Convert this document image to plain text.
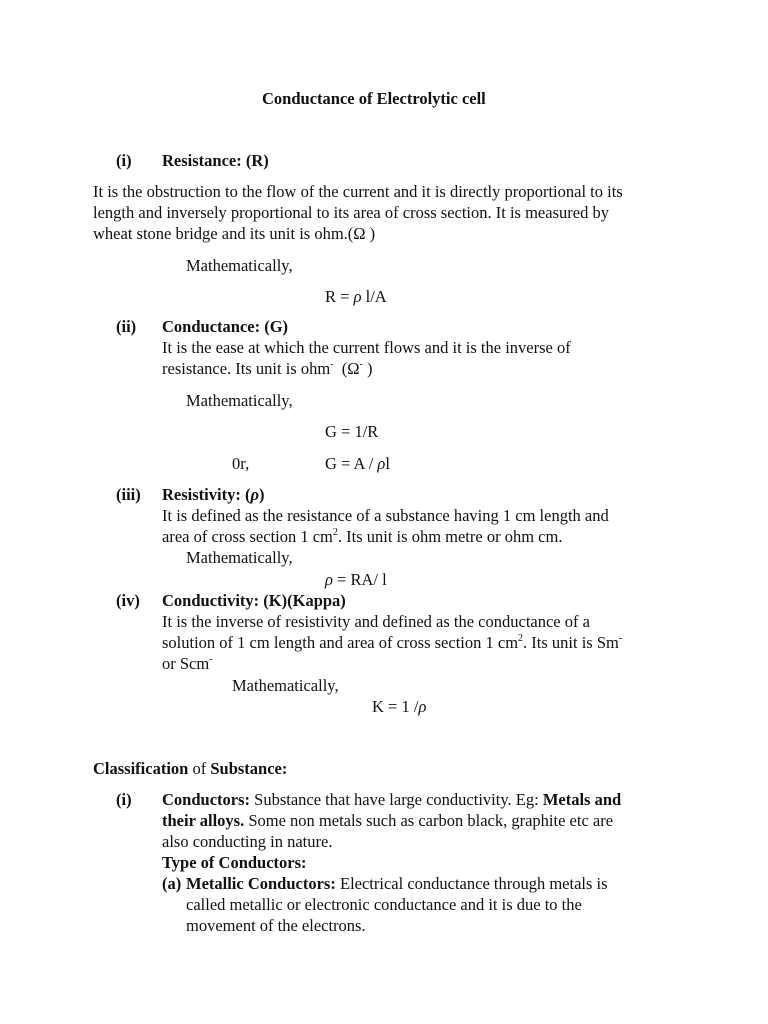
Conductance of Electrolytic cell
(i) Resistance: (R)
It is the obstruction to the flow of the current and it is directly proportional to its
length and inversely proportional to its area of cross section. It is measured by
wheat stone bridge and its unit is ohm.(Ω )
Mathematically,
R = ρ l/A
(ii) Conductance: (G)
It is the ease at which the current flows and it is the inverse of
resistance. Its unit is ohm-  (Ω- )
Mathematically,
G = 1/R
0r,	G = A / ρl
(iii) Resistivity: (ρ)
It is defined as the resistance of a substance having 1 cm length and
area of cross section 1 $cm^2$. Its unit is ohm metre or ohm cm.
Mathematically,
ρ = RA/ l
(iv) Conductivity: (K)(Kappa)
It is the inverse of resistivity and defined as the conductance of a
solution of 1 cm length and area of cross section 1 $cm^2$. Its unit is Sm-
or Scm-
Mathematically,
K = 1 /ρ
Classification of Substance:
(i) Conductors: Substance that have large conductivity. Eg: Metals and
their alloys. Some non metals such as carbon black, graphite etc are
also conducting in nature.
Type of Conductors:
(a) Metallic Conductors: Electrical conductance through metals is
called metallic or electronic conductance and it is due to the
movement of the electrons.
